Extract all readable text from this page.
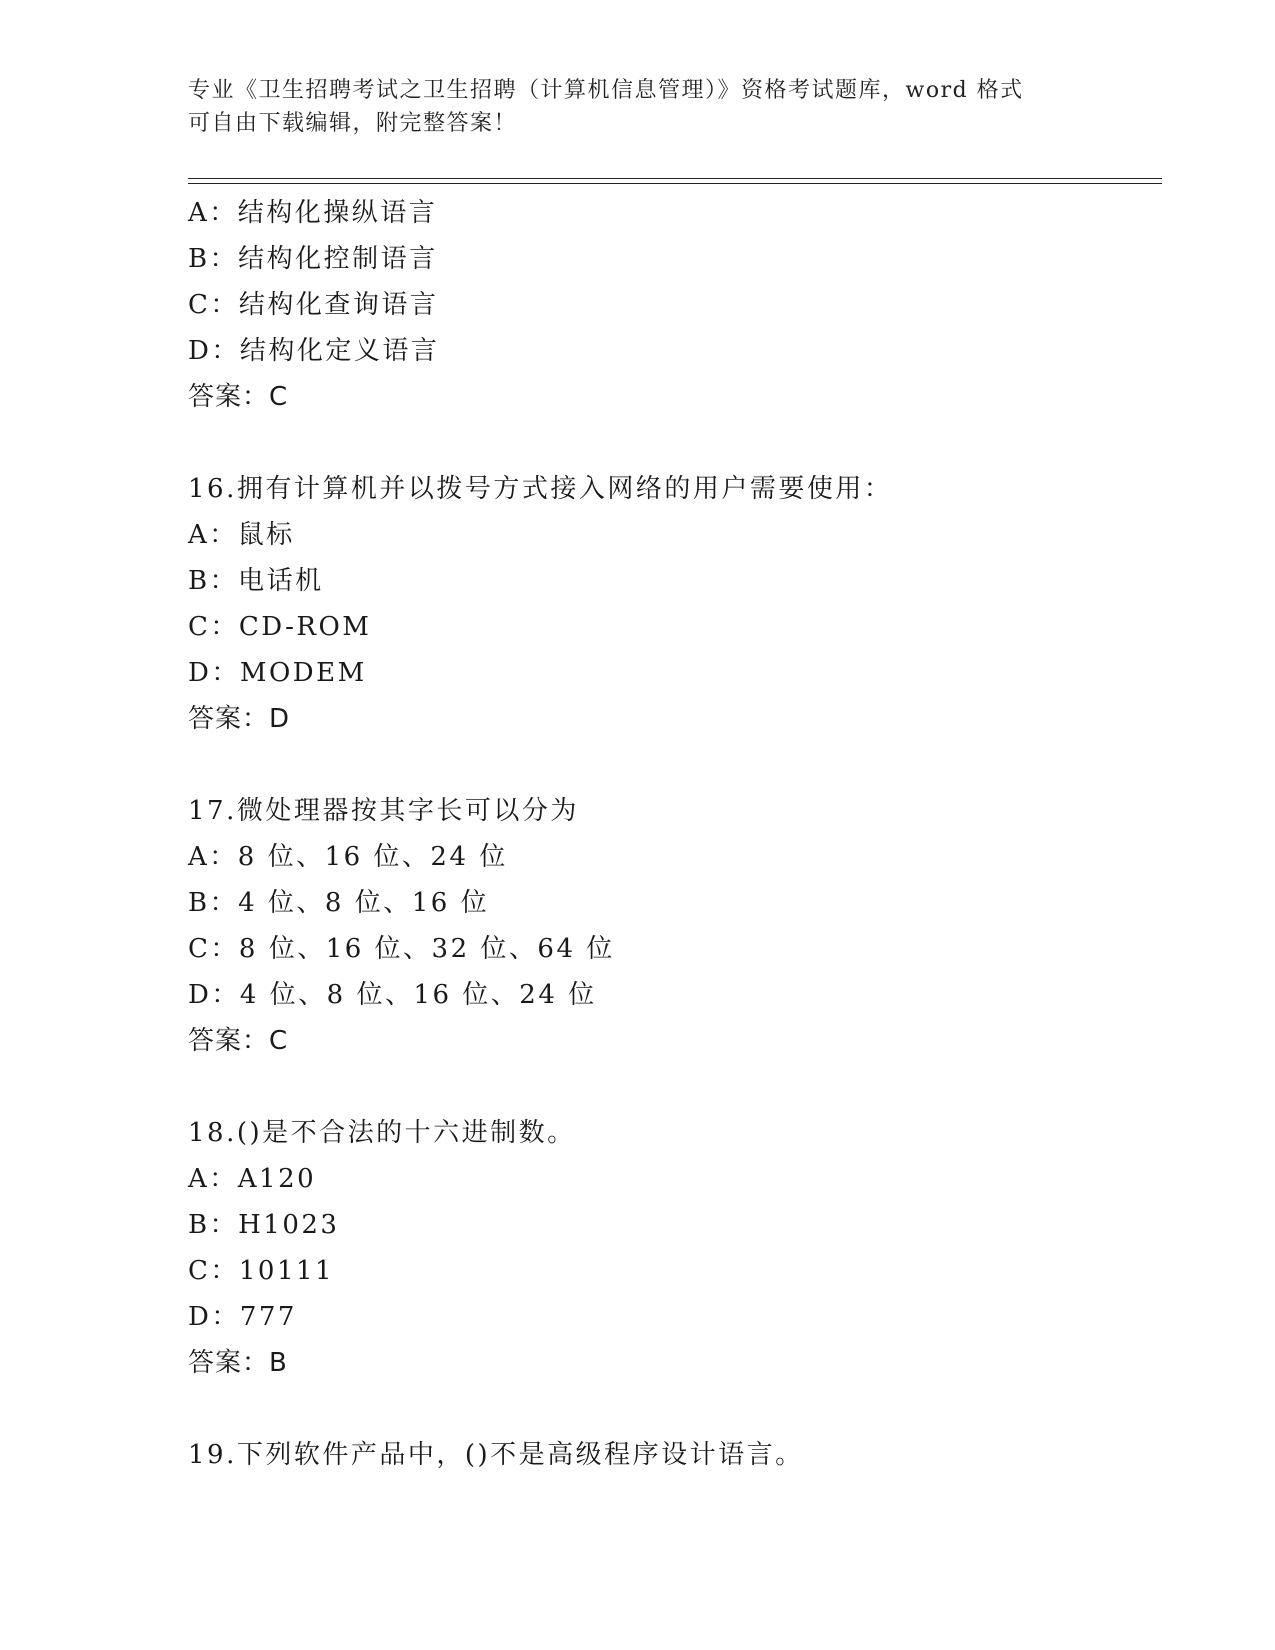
专业《卫生招聘考试之卫生招聘（计算机信息管理）》资格考试题库，word 格式
可自由下载编辑，附完整答案！
A：结构化操纵语言
B：结构化控制语言
C：结构化查询语言
D：结构化定义语言
答案：C
16.拥有计算机并以拨号方式接入网络的用户需要使用：
A：鼠标
B：电话机
C：CD-ROM
D：MODEM
答案：D
17.微处理器按其字长可以分为
A：8 位、16 位、24 位
B：4 位、8 位、16 位
C：8 位、16 位、32 位、64 位
D：4 位、8 位、16 位、24 位
答案：C
18.()是不合法的十六进制数。
A：A120
B：H1023
C：10111
D：777
答案：B
19.下列软件产品中，()不是高级程序设计语言。
